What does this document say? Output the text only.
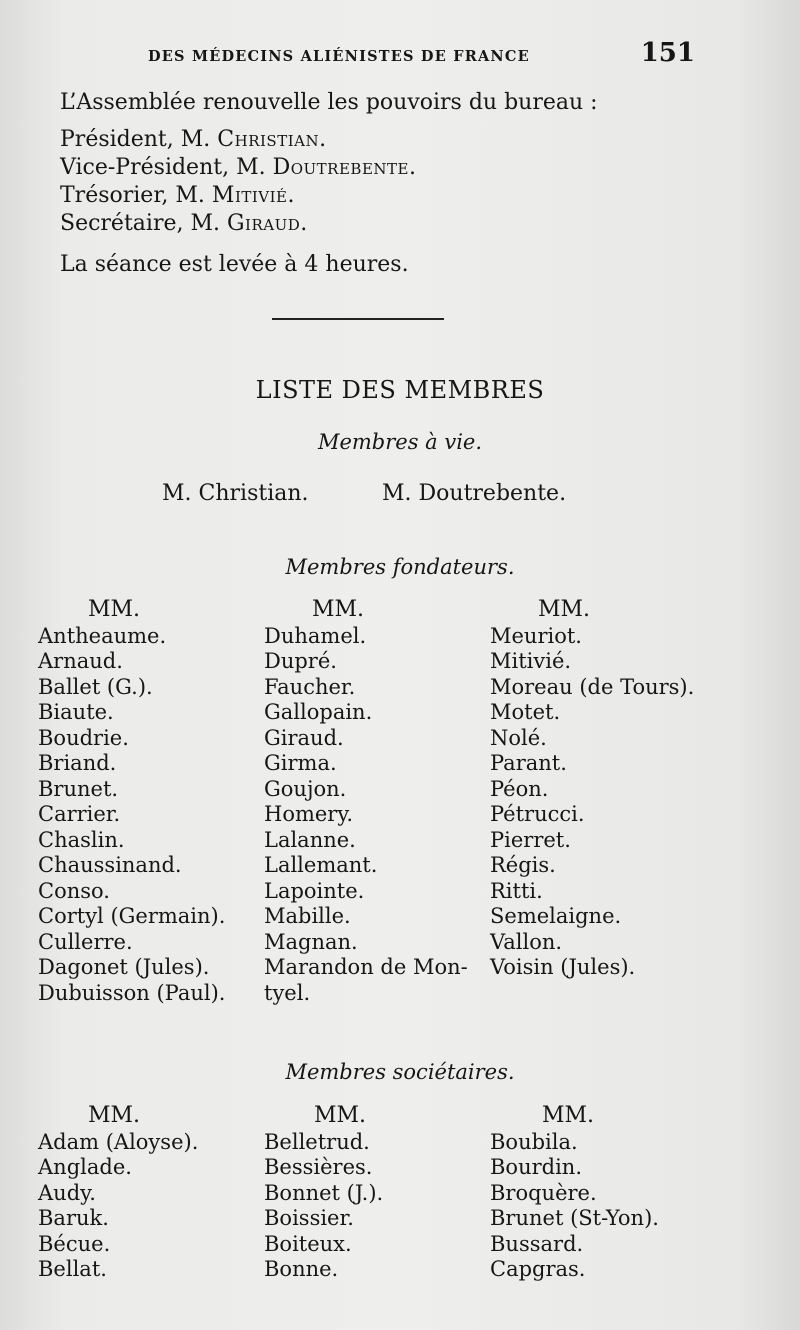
DES MÉDECINS ALIÉNISTES DE FRANCE	151
L’Assemblée renouvelle les pouvoirs du bureau :
Président, M. Christian.
Vice-Président, M. Doutrebente.
Trésorier, M. Mitivié.
Secrétaire, M. Giraud.
La séance est levée à 4 heures.
LISTE DES MEMBRES
Membres à vie.
M. Christian.	M. Doutrebente.
Membres fondateurs.
MM.
Antheaume.
Arnaud.
Ballet (G.).
Biaute.
Boudrie.
Briand.
Brunet.
Carrier.
Chaslin.
Chaussinand.
Conso.
Cortyl (Germain).
Cullerre.
Dagonet (Jules).
Dubuisson (Paul).
MM.
Duhamel.
Dupré.
Faucher.
Gallopain.
Giraud.
Girma.
Goujon.
Homery.
Lalanne.
Lallemant.
Lapointe.
Mabille.
Magnan.
Marandon de Mon-
tyel.
MM.
Meuriot.
Mitivié.
Moreau (de Tours).
Motet.
Nolé.
Parant.
Péon.
Pétrucci.
Pierret.
Régis.
Ritti.
Semelaigne.
Vallon.
Voisin (Jules).
Membres sociétaires.
MM.
Adam (Aloyse).
Anglade.
Audy.
Baruk.
Bécue.
Bellat.
MM.
Belletrud.
Bessières.
Bonnet (J.).
Boissier.
Boiteux.
Bonne.
MM.
Boubila.
Bourdin.
Broquère.
Brunet (St-Yon).
Bussard.
Capgras.
